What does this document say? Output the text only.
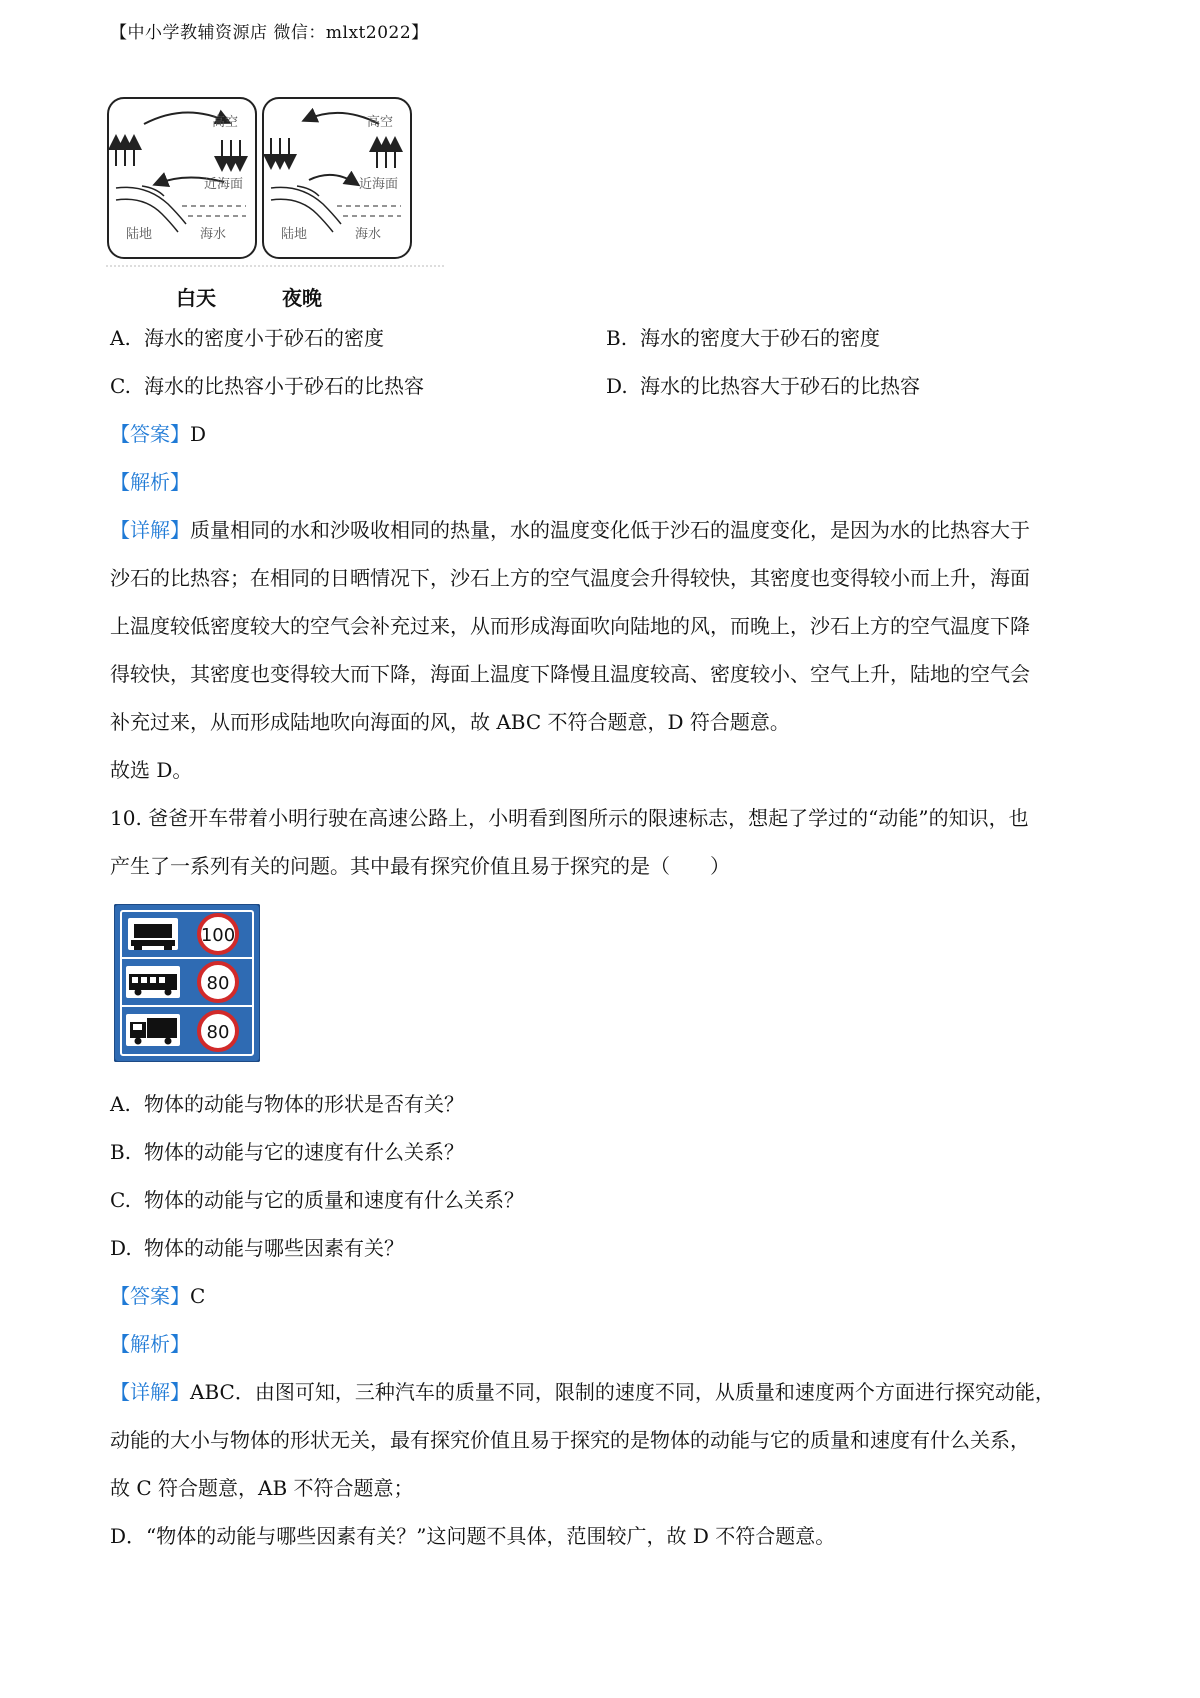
【中小学教辅资源店 微信：mlxt2022】
高空
近海面
陆地	海水
高空
近海面
陆地	海水
白天	夜晚
A. 海水的密度小于砂石的密度	B. 海水的密度大于砂石的密度
C. 海水的比热容小于砂石的比热容	D. 海水的比热容大于砂石的比热容
【答案】D
【解析】
【详解】质量相同的水和沙吸收相同的热量，水的温度变化低于沙石的温度变化，是因为水的比热容大于
沙石的比热容；在相同的日晒情况下，沙石上方的空气温度会升得较快，其密度也变得较小而上升，海面
上温度较低密度较大的空气会补充过来，从而形成海面吹向陆地的风，而晚上，沙石上方的空气温度下降
得较快，其密度也变得较大而下降，海面上温度下降慢且温度较高、密度较小、空气上升，陆地的空气会
补充过来，从而形成陆地吹向海面的风，故 ABC 不符合题意，D 符合题意。
故选 D。
10. 爸爸开车带着小明行驶在高速公路上，小明看到图所示的限速标志，想起了学过的“动能”的知识，也
产生了一系列有关的问题。其中最有探究价值且易于探究的是（　　）
100
80
80
A. 物体的动能与物体的形状是否有关？
B. 物体的动能与它的速度有什么关系？
C. 物体的动能与它的质量和速度有什么关系？
D. 物体的动能与哪些因素有关？
【答案】C
【解析】
【详解】ABC．由图可知，三种汽车的质量不同，限制的速度不同，从质量和速度两个方面进行探究动能，
动能的大小与物体的形状无关，最有探究价值且易于探究的是物体的动能与它的质量和速度有什么关系，
故 C 符合题意，AB 不符合题意；
D．“物体的动能与哪些因素有关？”这问题不具体，范围较广，故 D 不符合题意。
